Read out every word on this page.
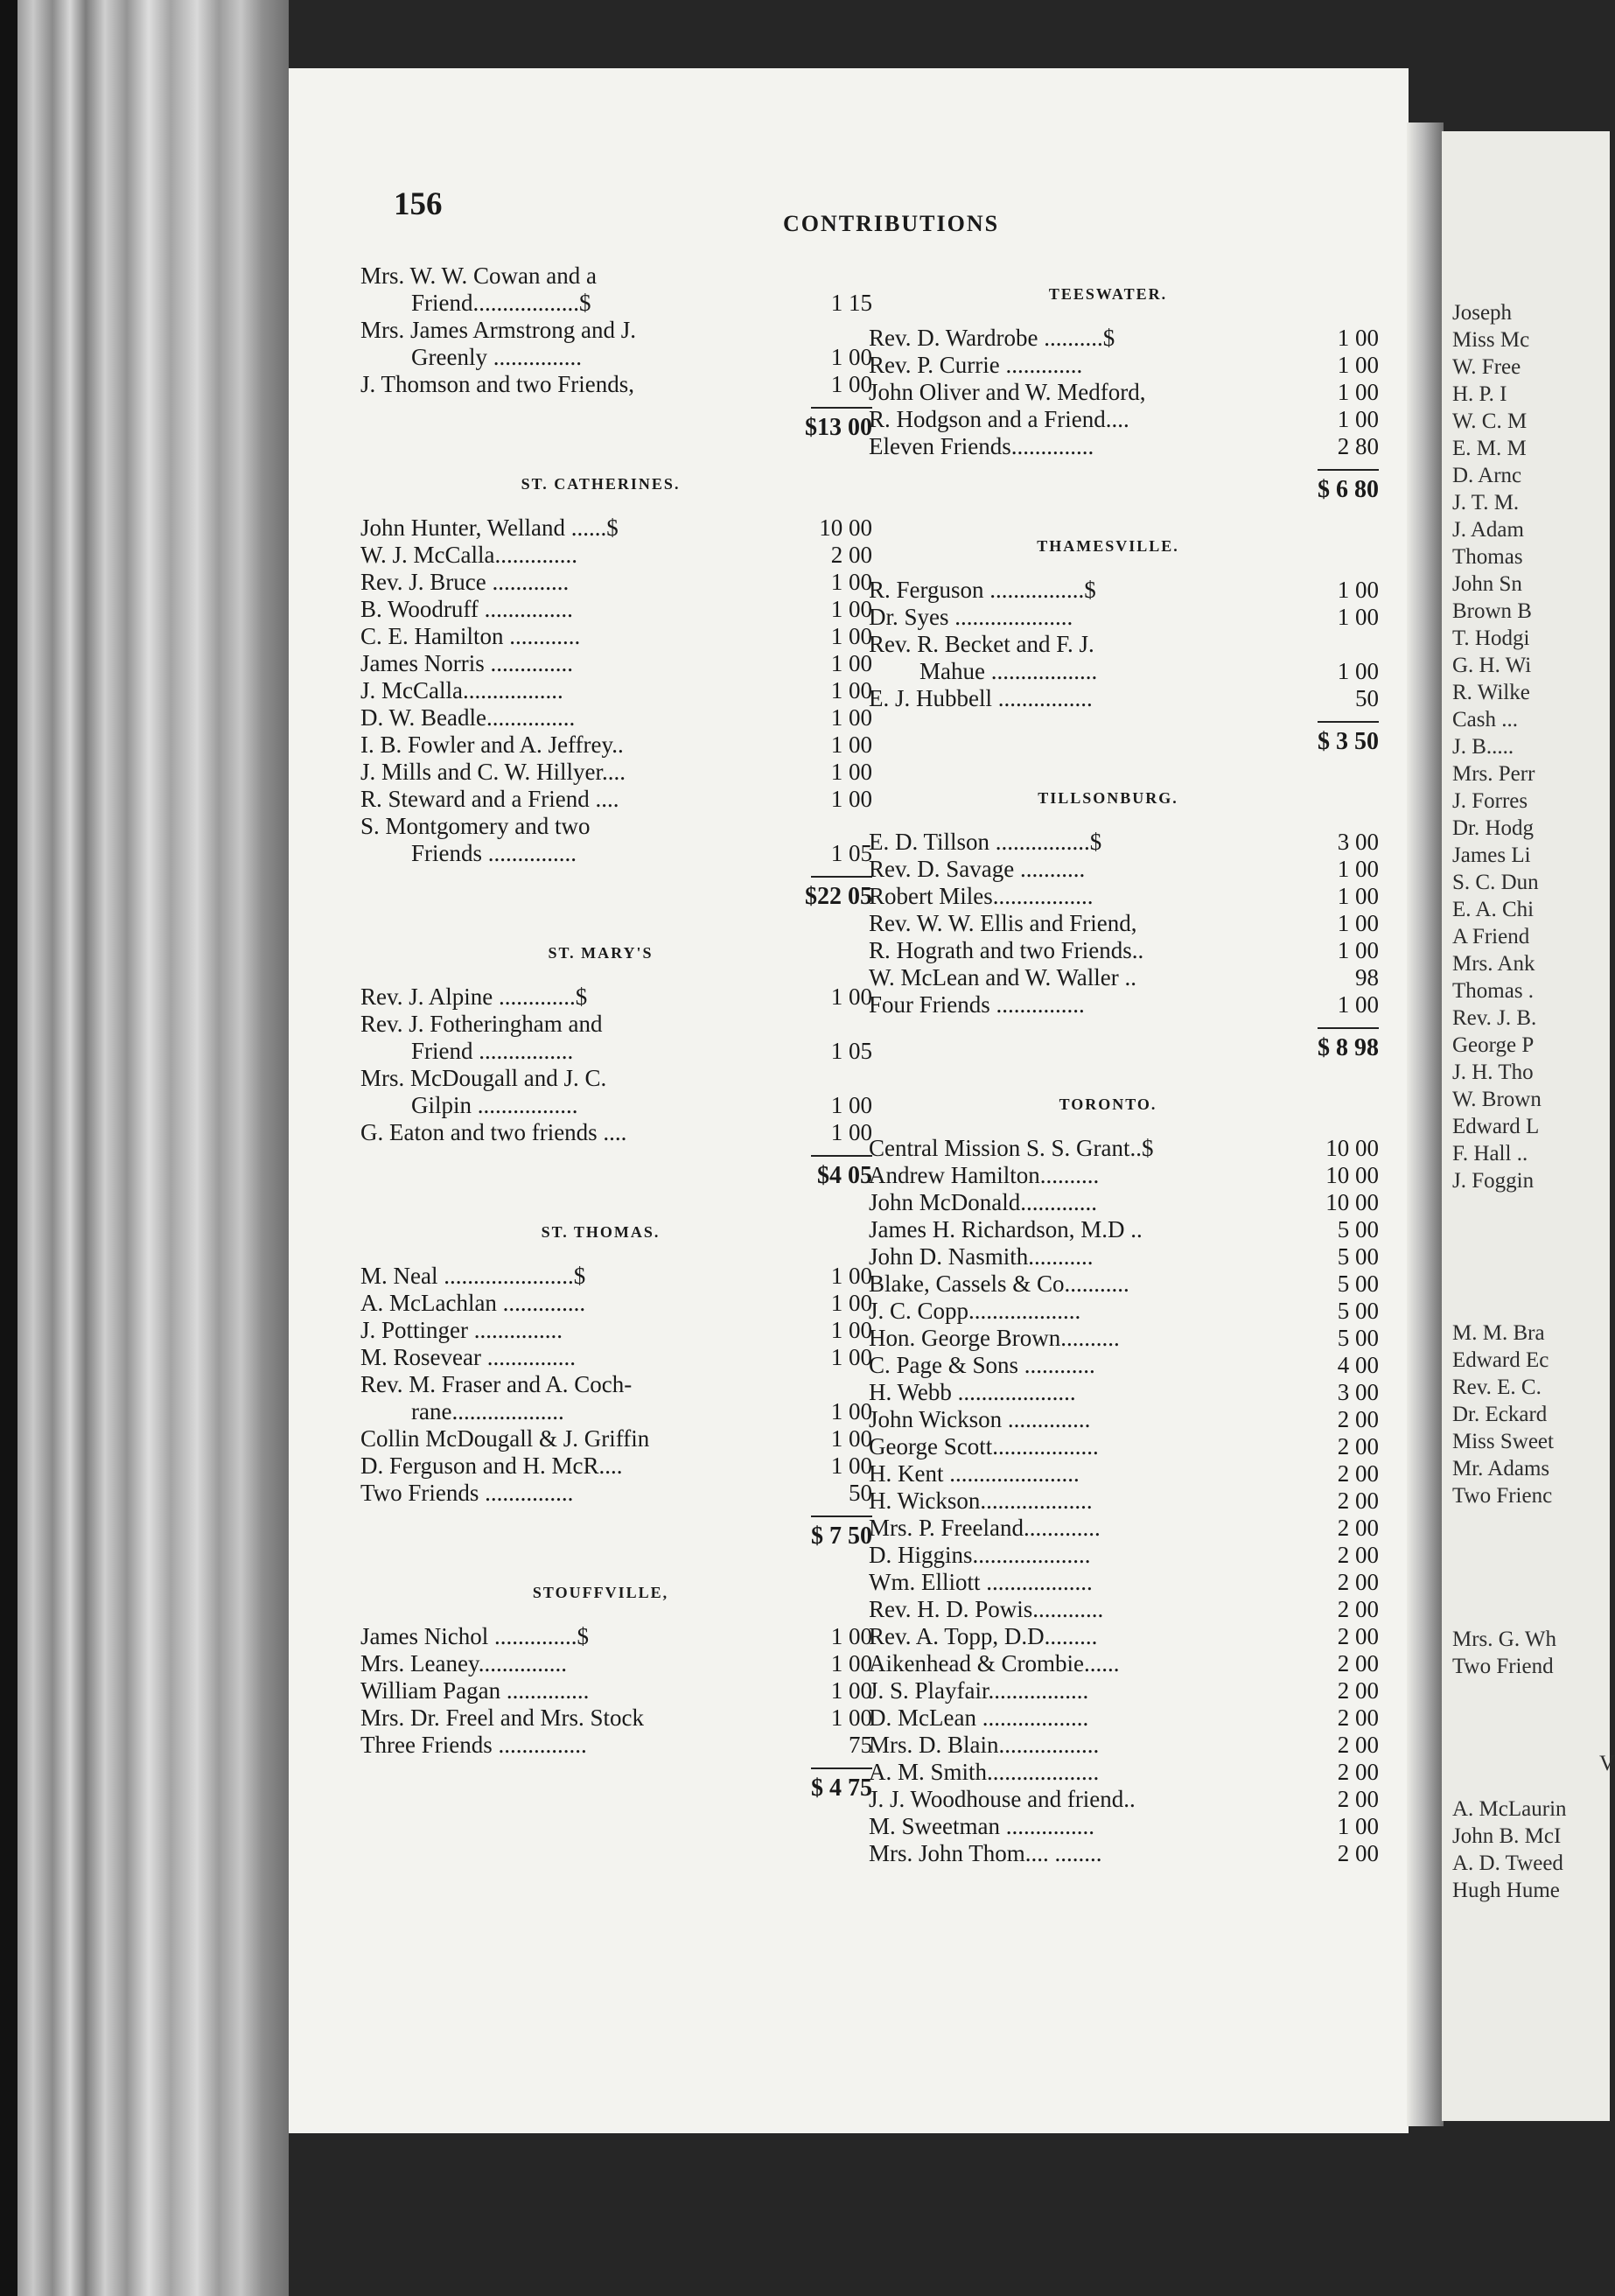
156
CONTRIBUTIONS
Mrs. W. W. Cowan and a
Friend..................$	1 15
Mrs. James Armstrong and J.
Greenly ...............	1 00
J. Thomson and two Friends,	1 00
$13 00
ST. CATHERINES.
John Hunter, Welland ......$	10 00
W. J. McCalla..............	2 00
Rev. J. Bruce .............	1 00
B. Woodruff ...............	1 00
C. E. Hamilton ............	1 00
James Norris ..............	1 00
J. McCalla.................	1 00
D. W. Beadle...............	1 00
I. B. Fowler and A. Jeffrey..	1 00
J. Mills and C. W. Hillyer....	1 00
R. Steward and a Friend ....	1 00
S. Montgomery and two
Friends ...............	1 05
$22 05
ST. MARY'S
Rev. J. Alpine .............$	1 00
Rev. J. Fotheringham and
Friend ................	1 05
Mrs. McDougall and J. C.
Gilpin .................	1 00
G. Eaton and two friends ....	1 00
$4 05
ST. THOMAS.
M. Neal ......................$	1 00
A. McLachlan ..............	1 00
J. Pottinger ...............	1 00
M. Rosevear ...............	1 00
Rev. M. Fraser and A. Coch-
rane...................	1 00
Collin McDougall & J. Griffin	1 00
D. Ferguson and H. McR....	1 00
Two Friends ...............	50
$ 7 50
STOUFFVILLE,
James Nichol ..............$	1 00
Mrs. Leaney...............	1 00
William Pagan ..............	1 00
Mrs. Dr. Freel and Mrs. Stock	1 00
Three Friends ...............	75
$ 4 75
TEESWATER.
Rev. D. Wardrobe ..........$	1 00
Rev. P. Currie .............	1 00
John Oliver and W. Medford,	1 00
R. Hodgson and a Friend....	1 00
Eleven Friends..............	2 80
$ 6 80
THAMESVILLE.
R. Ferguson ................$	1 00
Dr. Syes ....................	1 00
Rev. R. Becket and F. J.
Mahue ..................	1 00
E. J. Hubbell ................	50
$ 3 50
TILLSONBURG.
E. D. Tillson ................$	3 00
Rev. D. Savage ...........	1 00
Robert Miles.................	1 00
Rev. W. W. Ellis and Friend,	1 00
R. Hograth and two Friends..	1 00
W. McLean and W. Waller ..	98
Four Friends ...............	1 00
$ 8 98
TORONTO.
Central Mission S. S. Grant..$	10 00
Andrew Hamilton..........	10 00
John McDonald.............	10 00
James H. Richardson, M.D ..	5 00
John D. Nasmith...........	5 00
Blake, Cassels & Co...........	5 00
J. C. Copp...................	5 00
Hon. George Brown..........	5 00
C. Page & Sons ............	4 00
H. Webb ....................	3 00
John Wickson ..............	2 00
George Scott..................	2 00
H. Kent ......................	2 00
H. Wickson...................	2 00
Mrs. P. Freeland.............	2 00
D. Higgins....................	2 00
Wm. Elliott ..................	2 00
Rev. H. D. Powis............	2 00
Rev. A. Topp, D.D.........	2 00
Aikenhead & Crombie......	2 00
J. S. Playfair.................	2 00
D. McLean ..................	2 00
Mrs. D. Blain.................	2 00
A. M. Smith...................	2 00
J. J. Woodhouse and friend..	2 00
M. Sweetman ...............	1 00
Mrs. John Thom.... ........	2 00
Joseph
Miss Mc
W. Free
H. P. I
W. C. M
E. M. M
D. Arnc
J. T. M.
J. Adam
Thomas
John Sn
Brown B
T. Hodgi
G. H. Wi
R. Wilke
Cash ...
J. B.....
Mrs. Perr
J. Forres
Dr. Hodg
James Li
S. C. Dun
E. A. Chi
A Friend
Mrs. Ank
Thomas .
Rev. J. B.
George P
J. H. Tho
W. Brown
Edward L
F. Hall ..
J. Foggin
M. M. Bra
Edward Ec
Rev. E. C.
Dr. Eckard
Miss Sweet
Mr. Adams
Two Frienc
Mrs. G. Wh
Two Friend
V
A. McLaurin
John B. McI
A. D. Tweed
Hugh Hume
